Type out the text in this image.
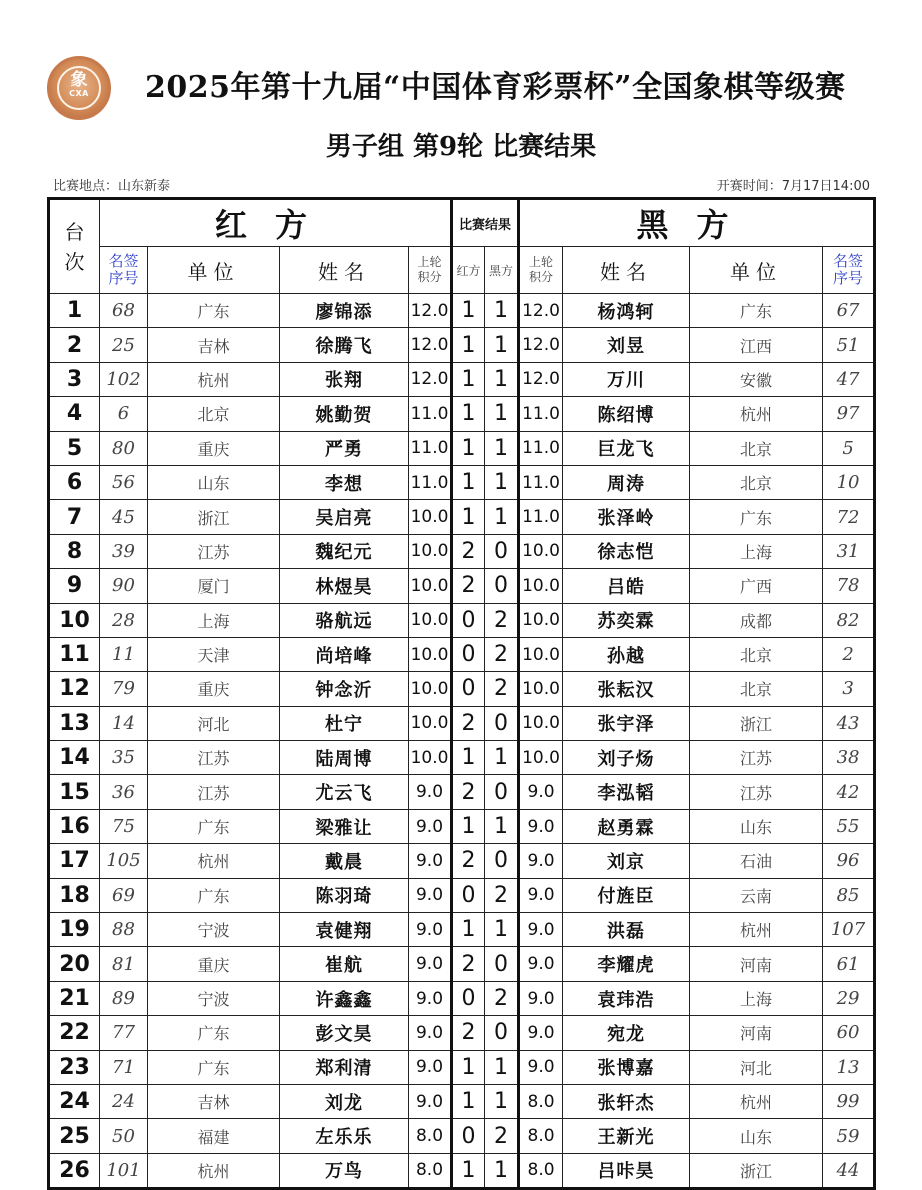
象
CXA	2025年第十九届“中国体育彩票杯”全国象棋等级赛
男子组 第9轮 比赛结果
比赛地点：山东新泰	开赛时间：7月17日14:00
台次	红方				比赛结果		黑方			
	名签序号	单位	姓名	上轮积分	红方	黑方	上轮积分	姓名	单位	名签序号
1	68	广东	廖锦添	12.0	1	1	12.0	杨鸿轲	广东	67
2	25	吉林	徐腾飞	12.0	1	1	12.0	刘昱	江西	51
3	102	杭州	张翔	12.0	1	1	12.0	万川	安徽	47
4	6	北京	姚勤贺	11.0	1	1	11.0	陈绍博	杭州	97
5	80	重庆	严勇	11.0	1	1	11.0	巨龙飞	北京	5
6	56	山东	李想	11.0	1	1	11.0	周涛	北京	10
7	45	浙江	吴启亮	10.0	1	1	11.0	张泽岭	广东	72
8	39	江苏	魏纪元	10.0	2	0	10.0	徐志恺	上海	31
9	90	厦门	林煜昊	10.0	2	0	10.0	吕皓	广西	78
10	28	上海	骆航远	10.0	0	2	10.0	苏奕霖	成都	82
11	11	天津	尚培峰	10.0	0	2	10.0	孙越	北京	2
12	79	重庆	钟念沂	10.0	0	2	10.0	张耘汉	北京	3
13	14	河北	杜宁	10.0	2	0	10.0	张宇泽	浙江	43
14	35	江苏	陆周博	10.0	1	1	10.0	刘子炀	江苏	38
15	36	江苏	尤云飞	9.0	2	0	9.0	李泓韬	江苏	42
16	75	广东	梁雅让	9.0	1	1	9.0	赵勇霖	山东	55
17	105	杭州	戴晨	9.0	2	0	9.0	刘京	石油	96
18	69	广东	陈羽琦	9.0	0	2	9.0	付旌臣	云南	85
19	88	宁波	袁健翔	9.0	1	1	9.0	洪磊	杭州	107
20	81	重庆	崔航	9.0	2	0	9.0	李耀虎	河南	61
21	89	宁波	许鑫鑫	9.0	0	2	9.0	袁玮浩	上海	29
22	77	广东	彭文昊	9.0	2	0	9.0	宛龙	河南	60
23	71	广东	郑利清	9.0	1	1	9.0	张博嘉	河北	13
24	24	吉林	刘龙	9.0	1	1	8.0	张轩杰	杭州	99
25	50	福建	左乐乐	8.0	0	2	8.0	王新光	山东	59
26	101	杭州	万鸟	8.0	1	1	8.0	吕咔昊	浙江	44
